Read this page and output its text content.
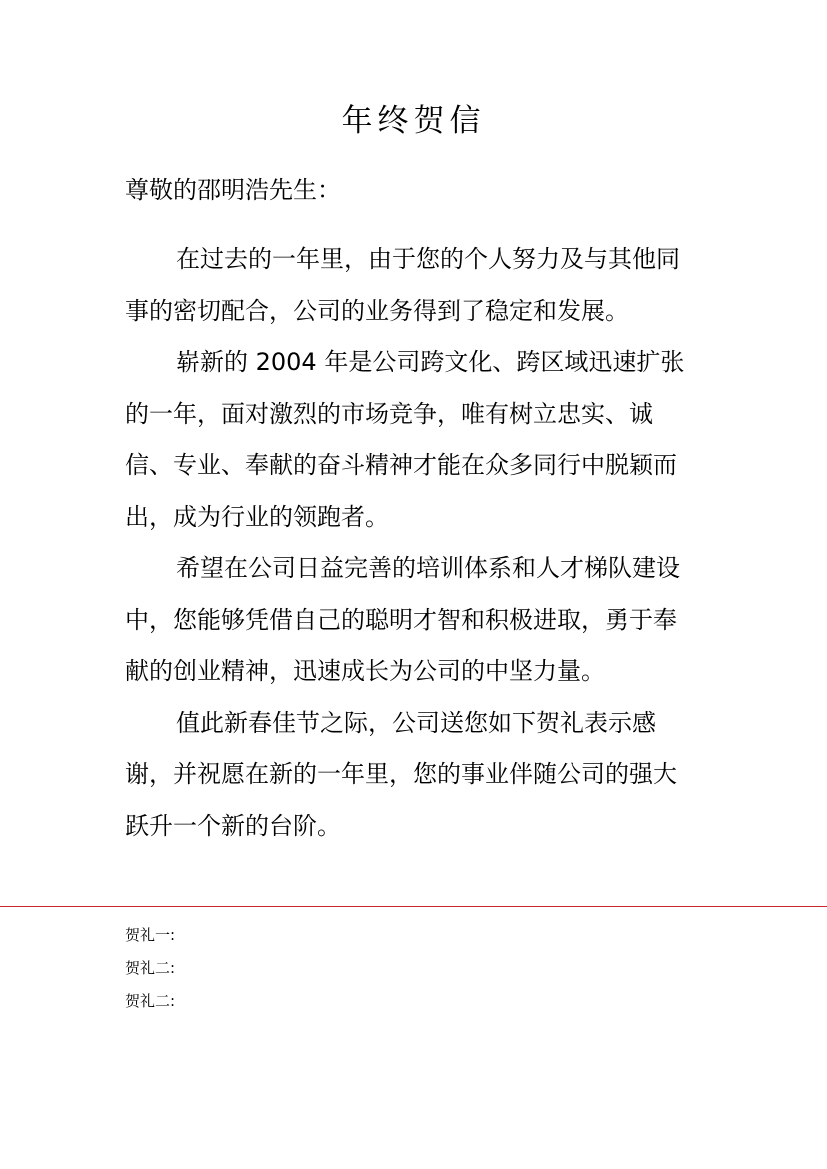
年终贺信

尊敬的邵明浩先生：

在过去的一年里，由于您的个人努力及与其他同
事的密切配合，公司的业务得到了稳定和发展。

崭新的 2004 年是公司跨文化、跨区域迅速扩张
的一年，面对激烈的市场竞争，唯有树立忠实、诚
信、专业、奉献的奋斗精神才能在众多同行中脱颖而
出，成为行业的领跑者。

希望在公司日益完善的培训体系和人才梯队建设
中，您能够凭借自己的聪明才智和积极进取，勇于奉
献的创业精神，迅速成长为公司的中坚力量。

值此新春佳节之际，公司送您如下贺礼表示感
谢，并祝愿在新的一年里，您的事业伴随公司的强大
跃升一个新的台阶。

贺礼一:
贺礼二:
贺礼二:
